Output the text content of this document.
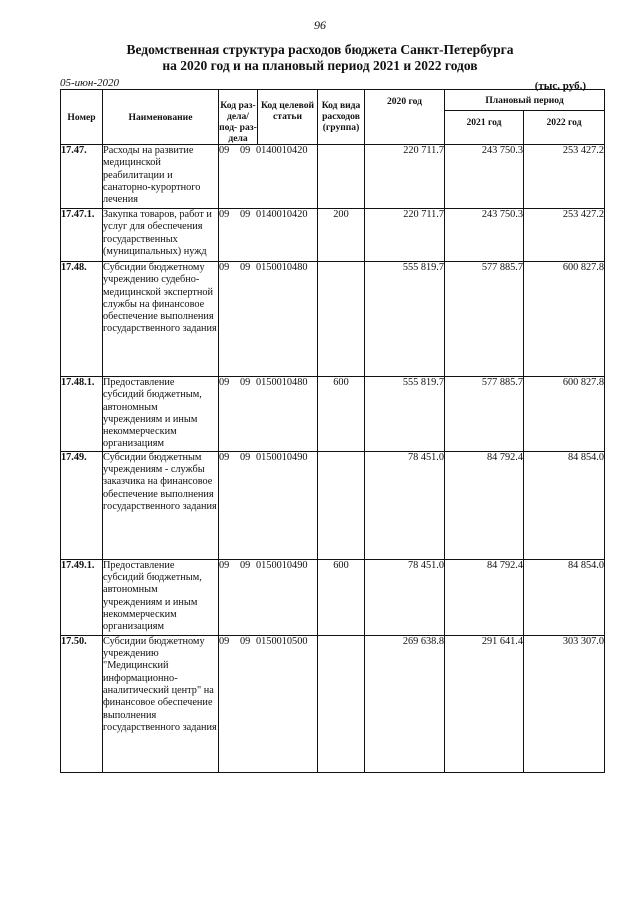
96
Ведомственная структура расходов бюджета Санкт-Петербурга
на 2020 год и на плановый период 2021 и 2022 годов
05-июн-2020	(тыс. руб.)
Номер	Наименование	Код раз- дела/ под- раз- дела	Код целевой статьи	Код вида расходов (группа)	2020 год	Плановый период	
						2021 год	2022 год

17.47.	Расходы на развитие медицинской реабилитации и санаторно-курортного лечения	09 09 0140010420			220 711.7	243 750.3	253 427.2
17.47.1.	Закупка товаров, работ и услуг для обеспечения государственных (муниципальных) нужд	09 09 0140010420		200	220 711.7	243 750.3	253 427.2
17.48.	Субсидии бюджетному учреждению судебно-медицинской экспертной службы на финансовое обеспечение выполнения государственного задания	09 09 0150010480			555 819.7	577 885.7	600 827.8
17.48.1.	Предоставление субсидий бюджетным, автономным учреждениям и иным некоммерческим организациям	09 09 0150010480		600	555 819.7	577 885.7	600 827.8
17.49.	Субсидии бюджетным учреждениям - службы заказчика на финансовое обеспечение выполнения государственного задания	09 09 0150010490			78 451.0	84 792.4	84 854.0
17.49.1.	Предоставление субсидий бюджетным, автономным учреждениям и иным некоммерческим организациям	09 09 0150010490		600	78 451.0	84 792.4	84 854.0
17.50.	Субсидии бюджетному учреждению "Медицинский информационно-аналитический центр" на финансовое обеспечение выполнения государственного задания	09 09 0150010500			269 638.8	291 641.4	303 307.0
